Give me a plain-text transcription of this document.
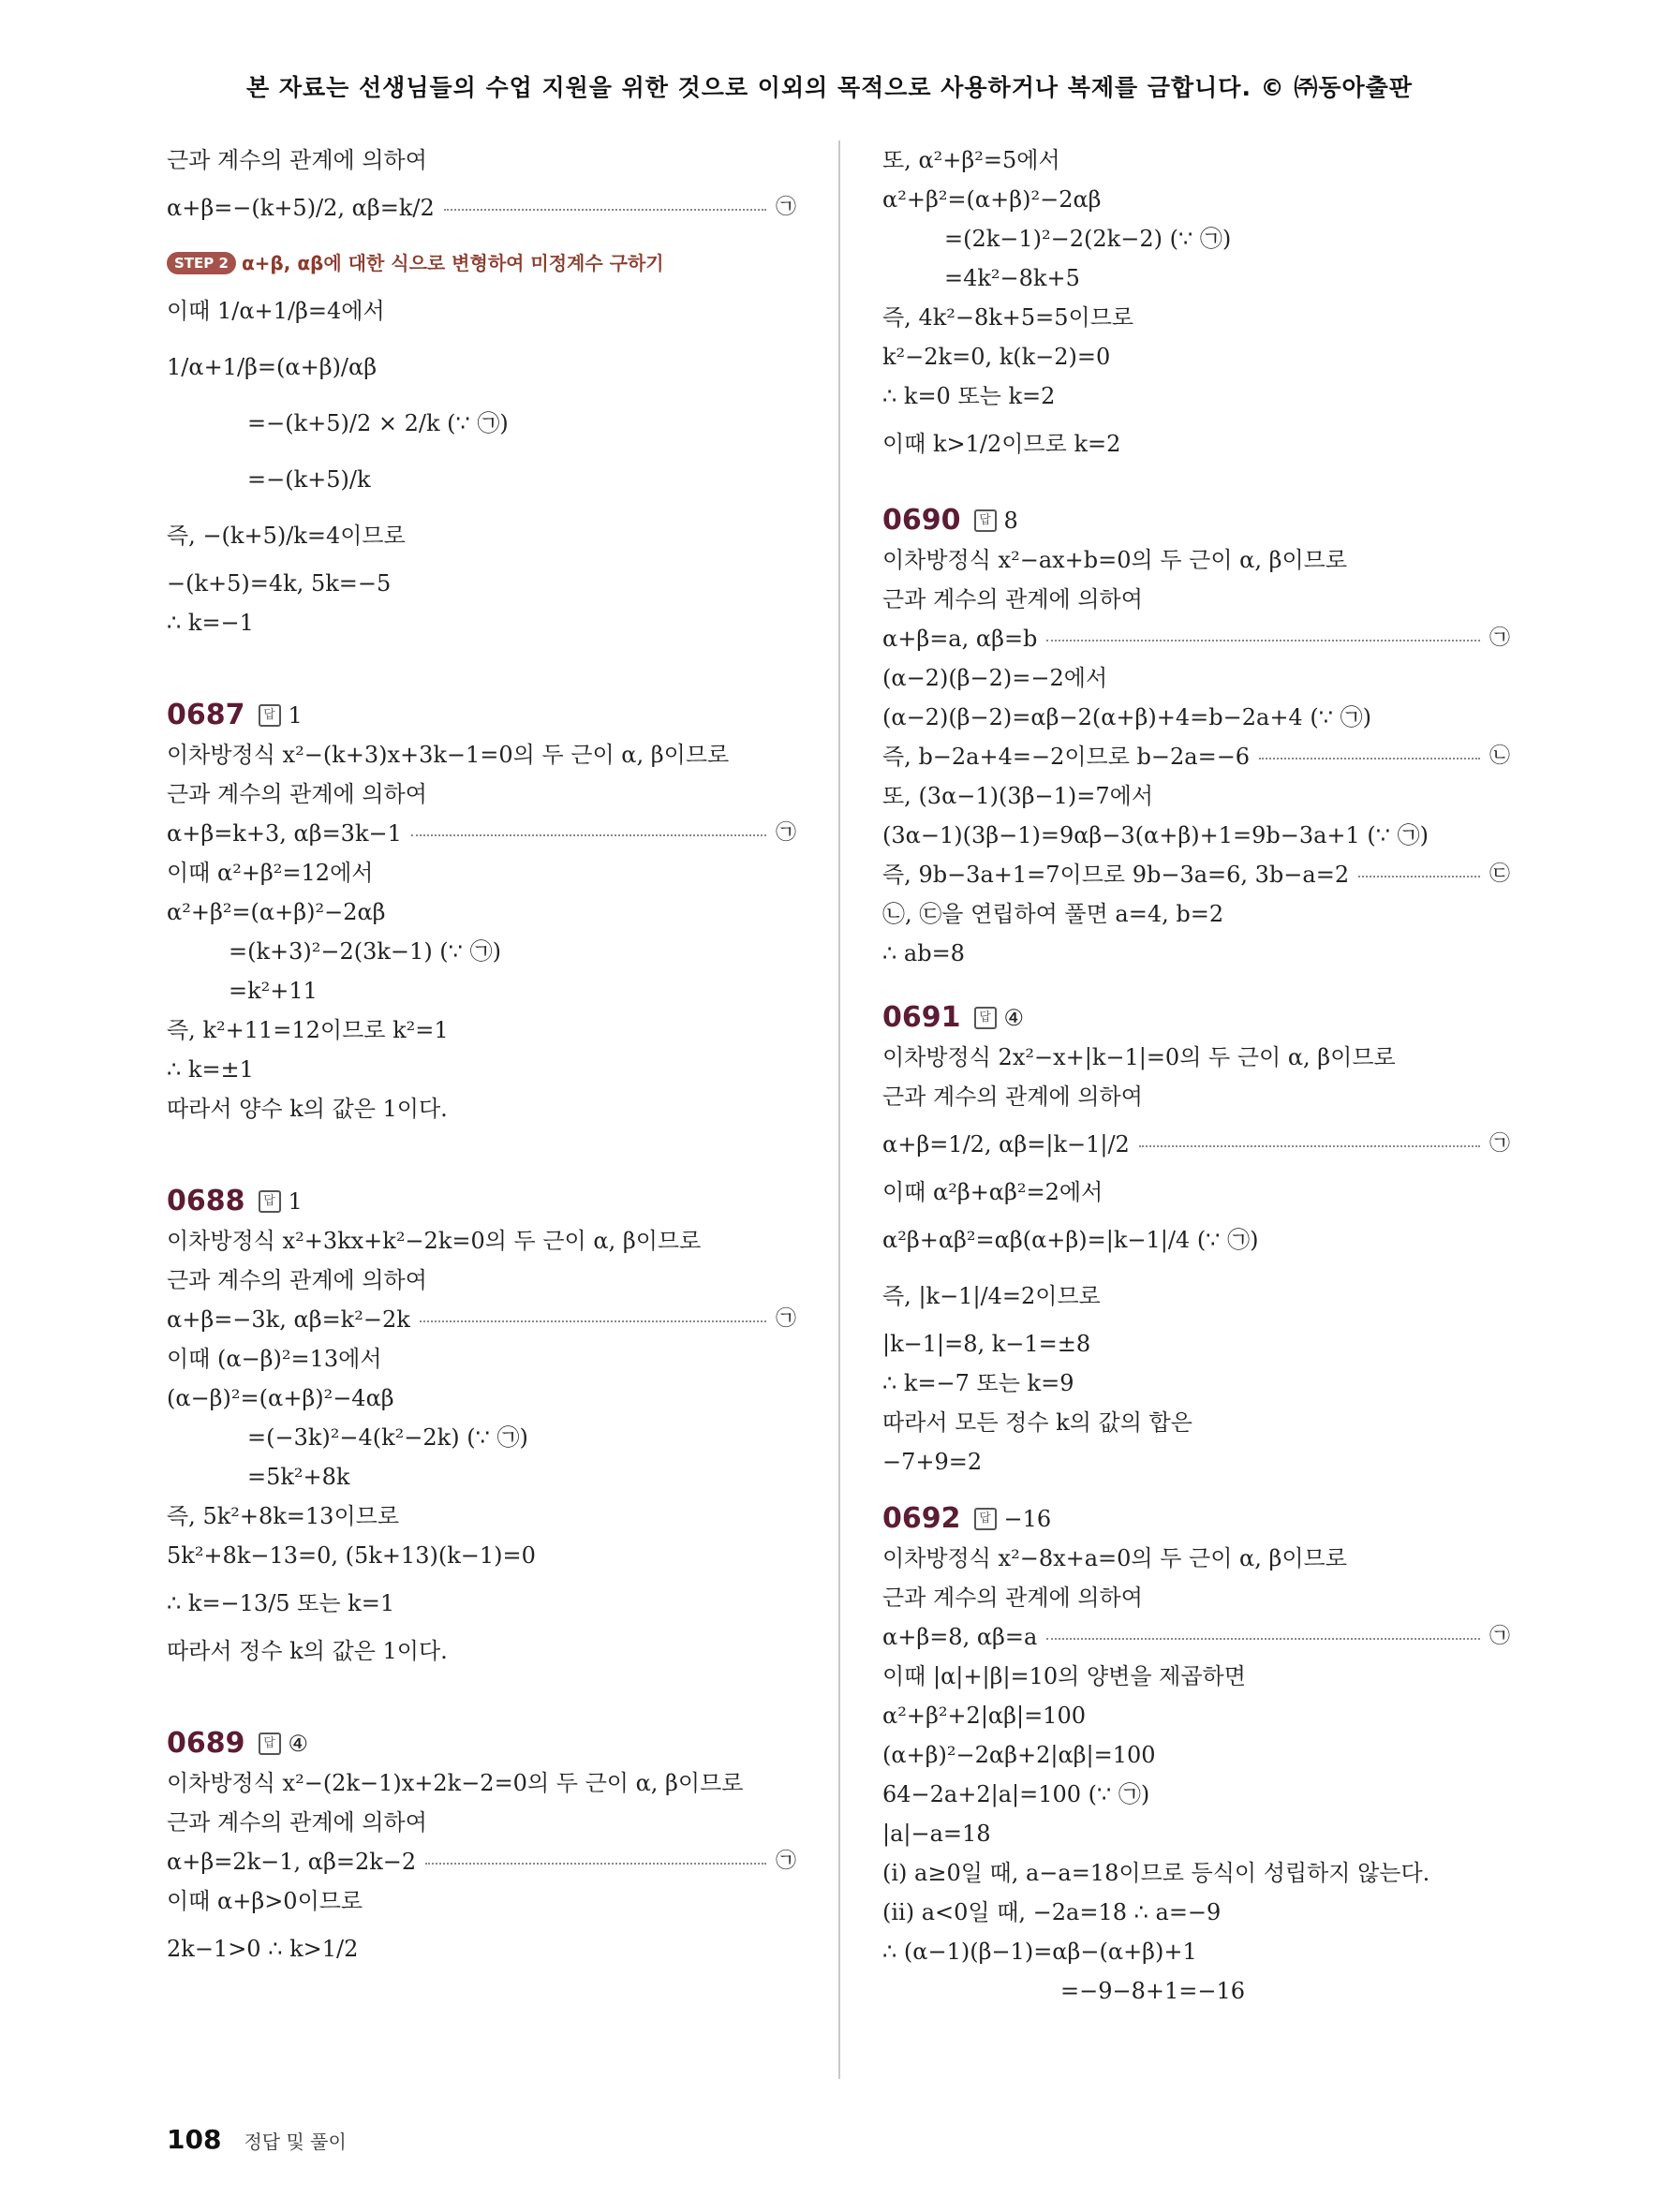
본 자료는 선생님들의 수업 지원을 위한 것으로 이외의 목적으로 사용하거나 복제를 금합니다. © ㈜동아출판
근과 계수의 관계에 의하여
α+β=−(k+5)/2, αβ=k/2	㉠
STEP 2 α+β, αβ에 대한 식으로 변형하여 미정계수 구하기
이때 1/α+1/β=4에서
1/α+1/β=(α+β)/αβ
=−(k+5)/2 × 2/k (∵ ㉠)
=−(k+5)/k
즉, −(k+5)/k=4이므로
−(k+5)=4k, 5k=−5
∴ k=−1
0687	답 1
이차방정식 x²−(k+3)x+3k−1=0의 두 근이 α, β이므로
근과 계수의 관계에 의하여
α+β=k+3, αβ=3k−1	㉠
이때 α²+β²=12에서
α²+β²=(α+β)²−2αβ
=(k+3)²−2(3k−1) (∵ ㉠)
=k²+11
즉, k²+11=12이므로 k²=1
∴ k=±1
따라서 양수 k의 값은 1이다.
0688	답 1
이차방정식 x²+3kx+k²−2k=0의 두 근이 α, β이므로
근과 계수의 관계에 의하여
α+β=−3k, αβ=k²−2k	㉠
이때 (α−β)²=13에서
(α−β)²=(α+β)²−4αβ
=(−3k)²−4(k²−2k) (∵ ㉠)
=5k²+8k
즉, 5k²+8k=13이므로
5k²+8k−13=0, (5k+13)(k−1)=0
∴ k=−13/5 또는 k=1
따라서 정수 k의 값은 1이다.
0689	답 ④
이차방정식 x²−(2k−1)x+2k−2=0의 두 근이 α, β이므로
근과 계수의 관계에 의하여
α+β=2k−1, αβ=2k−2	㉠
이때 α+β>0이므로
2k−1>0 ∴ k>1/2
또, α²+β²=5에서
α²+β²=(α+β)²−2αβ
=(2k−1)²−2(2k−2) (∵ ㉠)
=4k²−8k+5
즉, 4k²−8k+5=5이므로
k²−2k=0, k(k−2)=0
∴ k=0 또는 k=2
이때 k>1/2이므로 k=2
0690	답 8
이차방정식 x²−ax+b=0의 두 근이 α, β이므로
근과 계수의 관계에 의하여
α+β=a, αβ=b	㉠
(α−2)(β−2)=−2에서
(α−2)(β−2)=αβ−2(α+β)+4=b−2a+4 (∵ ㉠)
즉, b−2a+4=−2이므로 b−2a=−6	㉡
또, (3α−1)(3β−1)=7에서
(3α−1)(3β−1)=9αβ−3(α+β)+1=9b−3a+1 (∵ ㉠)
즉, 9b−3a+1=7이므로 9b−3a=6, 3b−a=2	㉢
㉡, ㉢을 연립하여 풀면 a=4, b=2
∴ ab=8
0691	답 ④
이차방정식 2x²−x+|k−1|=0의 두 근이 α, β이므로
근과 계수의 관계에 의하여
α+β=1/2, αβ=|k−1|/2	㉠
이때 α²β+αβ²=2에서
α²β+αβ²=αβ(α+β)=|k−1|/4 (∵ ㉠)
즉, |k−1|/4=2이므로
|k−1|=8, k−1=±8
∴ k=−7 또는 k=9
따라서 모든 정수 k의 값의 합은
−7+9=2
0692	답 −16
이차방정식 x²−8x+a=0의 두 근이 α, β이므로
근과 계수의 관계에 의하여
α+β=8, αβ=a	㉠
이때 |α|+|β|=10의 양변을 제곱하면
α²+β²+2|αβ|=100
(α+β)²−2αβ+2|αβ|=100
64−2a+2|a|=100 (∵ ㉠)
|a|−a=18
(i) a≥0일 때, a−a=18이므로 등식이 성립하지 않는다.
(ii) a<0일 때, −2a=18 ∴ a=−9
∴ (α−1)(β−1)=αβ−(α+β)+1
=−9−8+1=−16
108 정답 및 풀이
